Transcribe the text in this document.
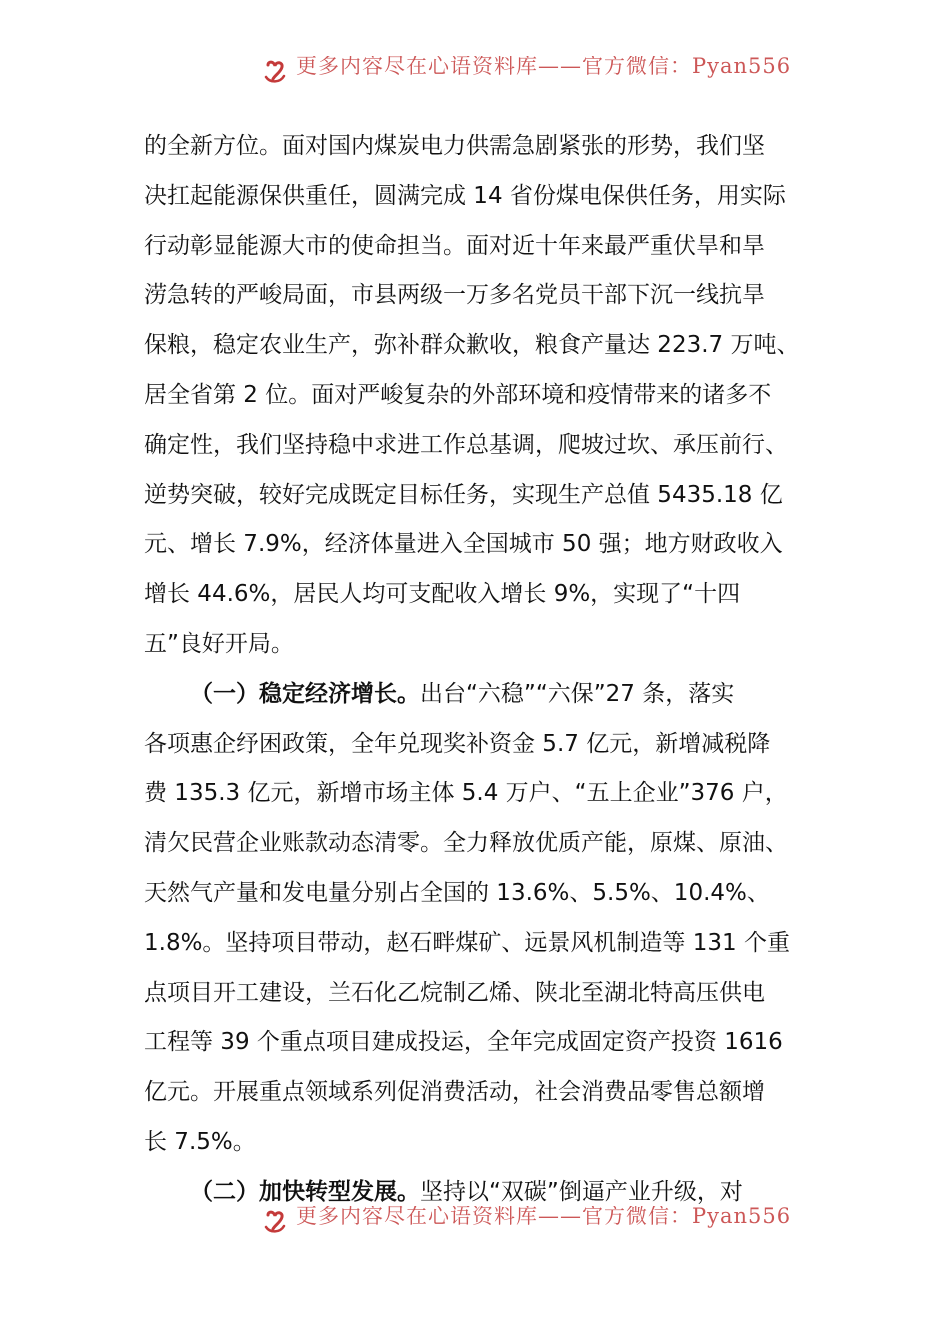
更多内容尽在心语资料库——官方微信：Pyan556
的全新方位。面对国内煤炭电力供需急剧紧张的形势，我们坚
决扛起能源保供重任，圆满完成 14 省份煤电保供任务，用实际
行动彰显能源大市的使命担当。面对近十年来最严重伏旱和旱
涝急转的严峻局面，市县两级一万多名党员干部下沉一线抗旱
保粮，稳定农业生产，弥补群众歉收，粮食产量达 223.7 万吨、
居全省第 2 位。面对严峻复杂的外部环境和疫情带来的诸多不
确定性，我们坚持稳中求进工作总基调，爬坡过坎、承压前行、
逆势突破，较好完成既定目标任务，实现生产总值 5435.18 亿
元、增长 7.9%，经济体量进入全国城市 50 强；地方财政收入
增长 44.6%，居民人均可支配收入增长 9%，实现了“十四
五”良好开局。
（一）稳定经济增长。出台“六稳”“六保”27 条，落实
各项惠企纾困政策，全年兑现奖补资金 5.7 亿元，新增减税降
费 135.3 亿元，新增市场主体 5.4 万户、“五上企业”376 户，
清欠民营企业账款动态清零。全力释放优质产能，原煤、原油、
天然气产量和发电量分别占全国的 13.6%、5.5%、10.4%、
1.8%。坚持项目带动，赵石畔煤矿、远景风机制造等 131 个重
点项目开工建设，兰石化乙烷制乙烯、陕北至湖北特高压供电
工程等 39 个重点项目建成投运，全年完成固定资产投资 1616
亿元。开展重点领域系列促消费活动，社会消费品零售总额增
长 7.5%。
（二）加快转型发展。坚持以“双碳”倒逼产业升级，对
更多内容尽在心语资料库——官方微信：Pyan556
